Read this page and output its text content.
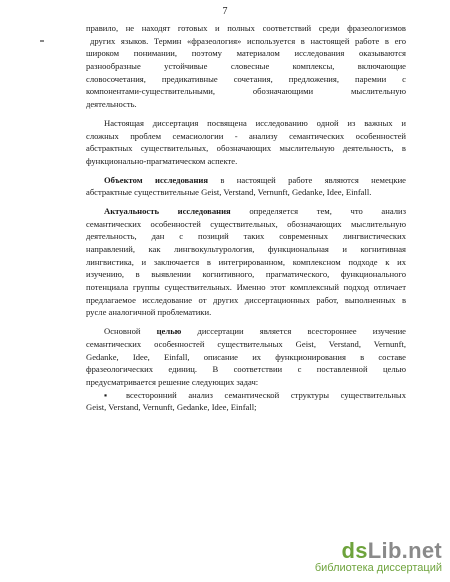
7
правило, не находят готовых и полных соответствий среди фразеологизмов
других языков. Термин «фразеология» используется в настоящей работе в его
широком понимании, поэтому материалом исследования оказываются
разнообразные устойчивые словесные комплексы, включающие
словосочетания, предикативные сочетания, предложения, паремии с
компонентами-существительными, обозначающими мыслительную
деятельность.
Настоящая диссертация посвящена исследованию одной из важных и
сложных проблем семасиологии - анализу семантических особенностей
абстрактных существительных, обозначающих мыслительную деятельность, в
функционально-прагматическом аспекте.
Объектом исследования в настоящей работе являются немецкие
абстрактные существительные Geist, Verstand, Vernunft, Gedanke, Idee, Einfall.
Актуальность исследования определяется тем, что анализ
семантических особенностей существительных, обозначающих мыслительную
деятельность, дан с позиций таких современных лингвистических
направлений, как лингвокультурология, функциональная и когнитивная
лингвистика, и заключается в интегрированном, комплексном подходе к их
изучению, в выявлении когнитивного, прагматического, функционального
потенциала группы существительных. Именно этот комплексный подход отличает
предлагаемое исследование от других диссертационных работ, выполненных в
русле аналогичной проблематики.
Основной целью диссертации является всестороннее изучение
семантических особенностей существительных Geist, Verstand, Vernunft,
Gedanke, Idee, Einfall, описание их функционирования в составе
фразеологических единиц. В соответствии с поставленной целью
предусматривается решение следующих задач:
▪	всесторонний анализ семантической структуры существительных
Geist, Verstand, Vernunft, Gedanke, Idee, Einfall;
dsLib.net
библиотека диссертаций
